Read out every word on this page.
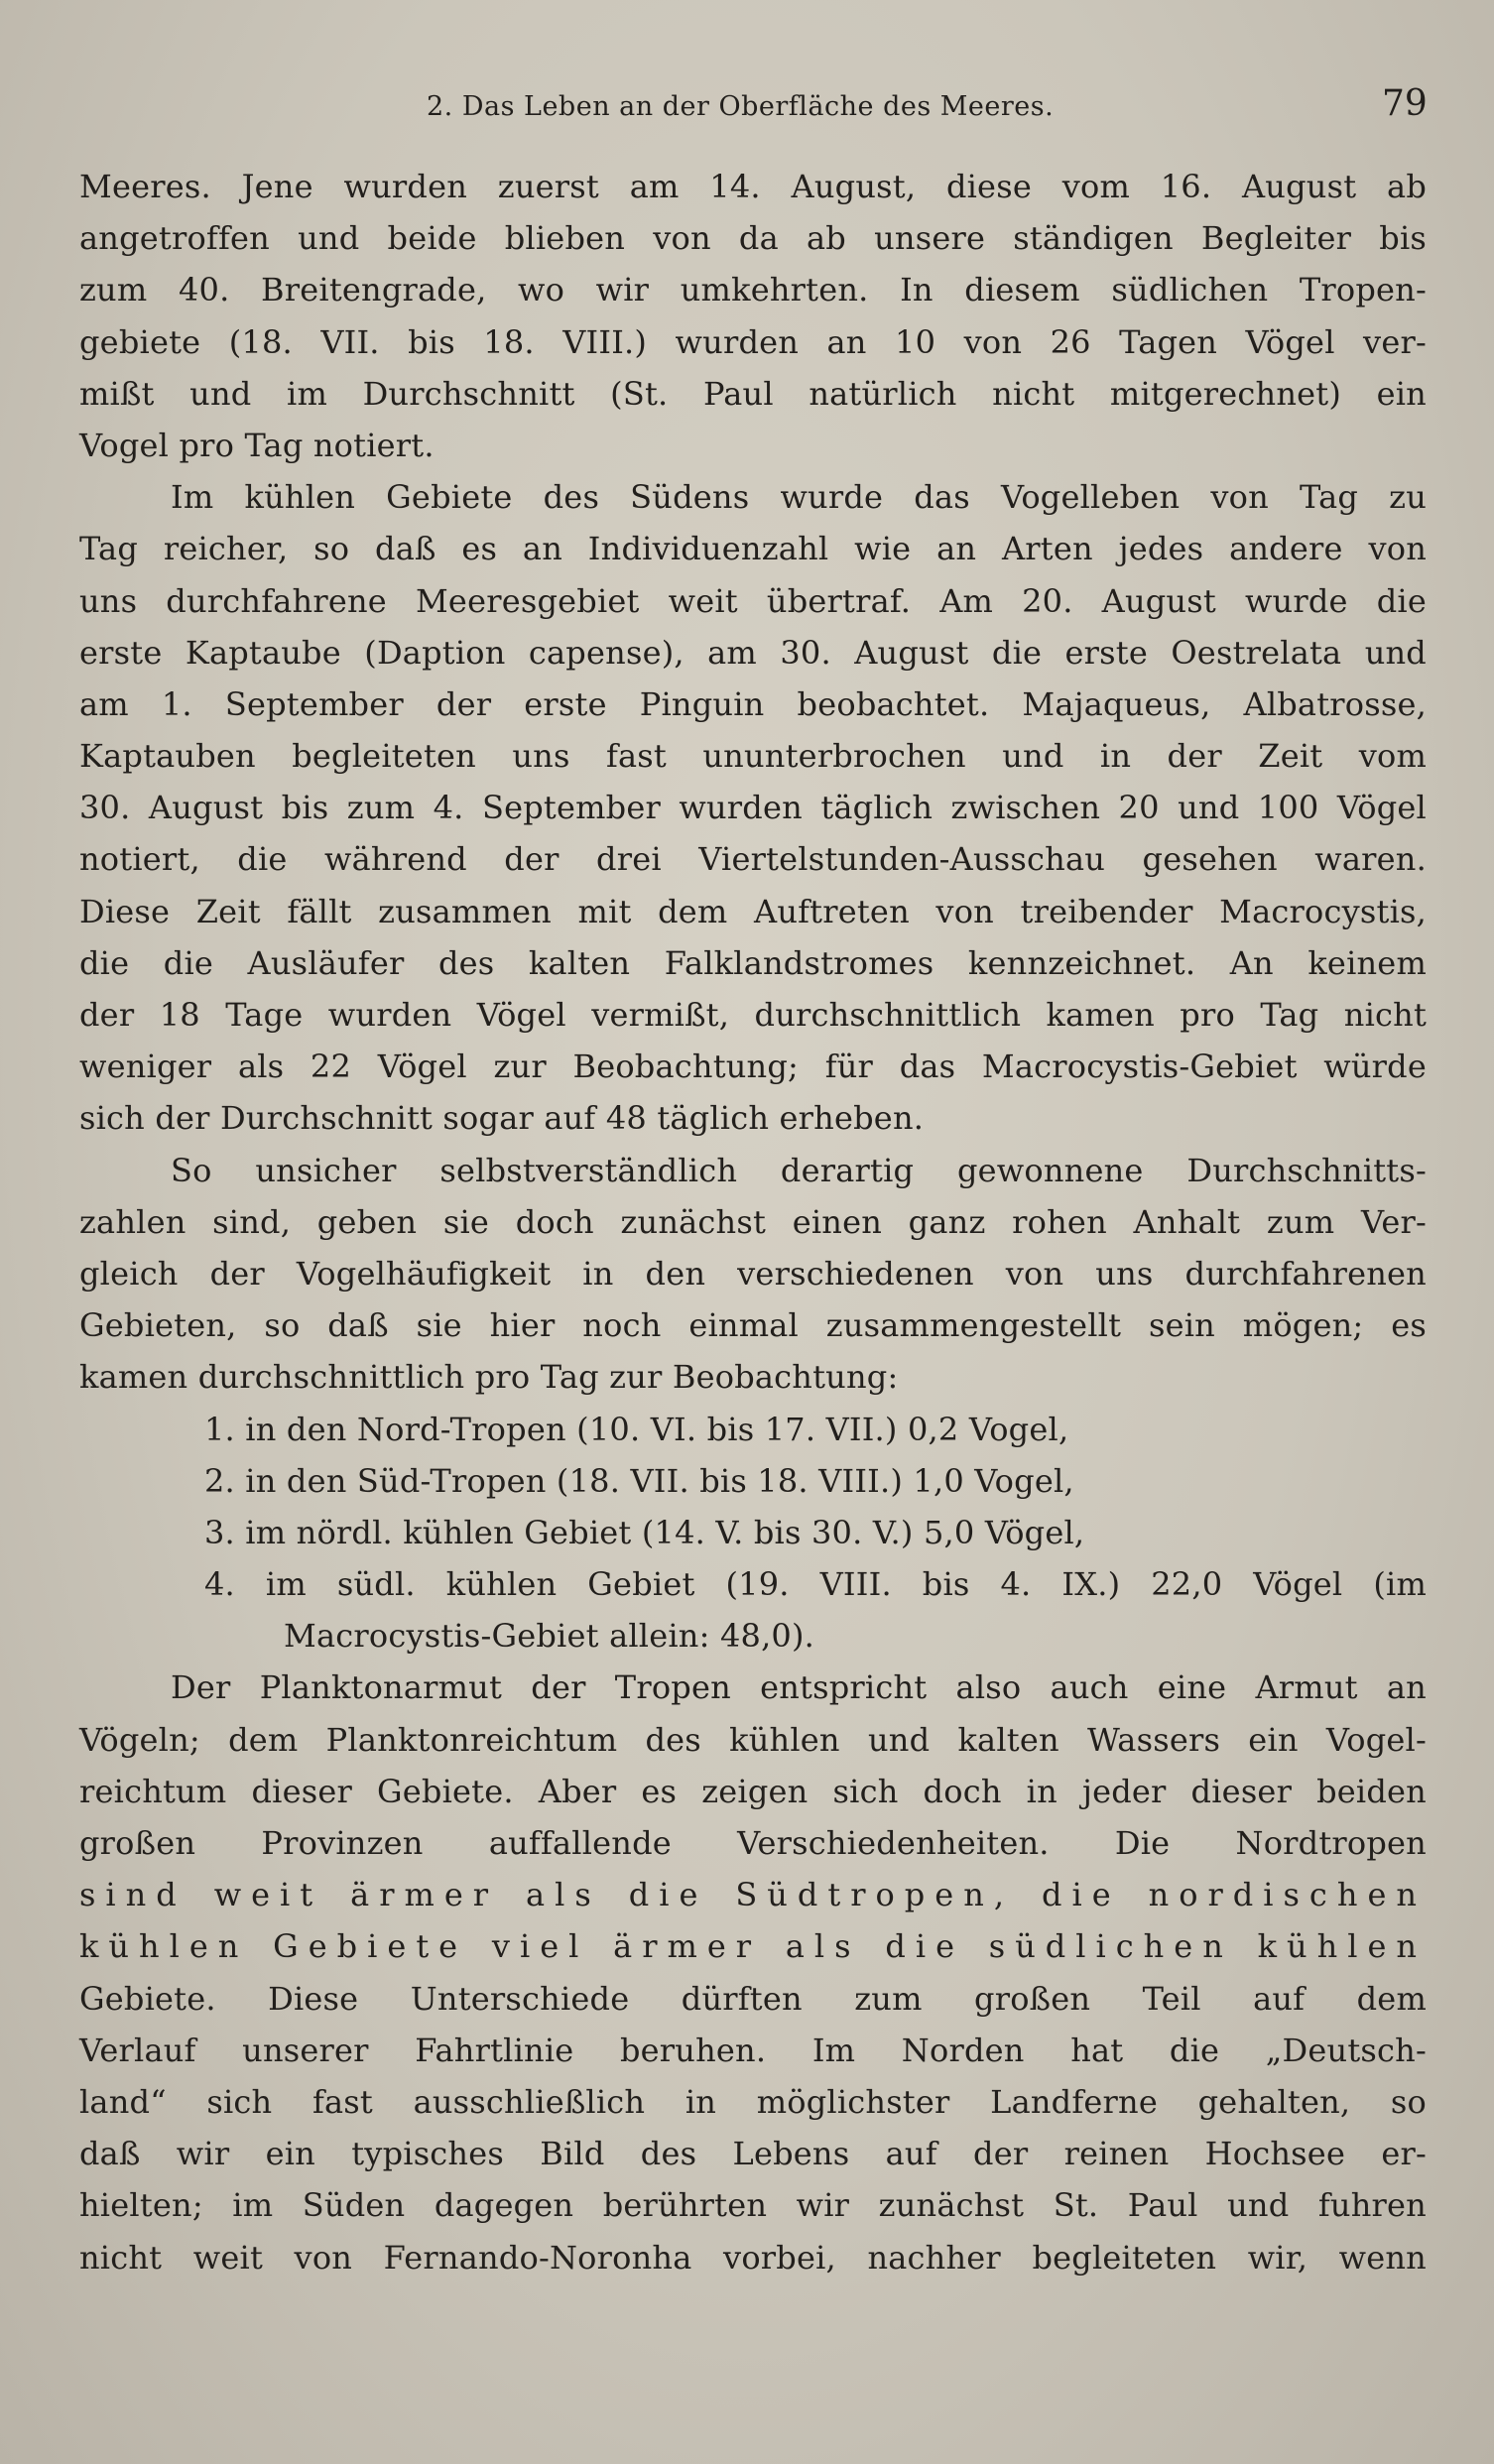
2. Das Leben an der Oberfläche des Meeres.	79
Meeres. Jene wurden zuerst am 14. August, diese vom 16. August ab
angetroffen und beide blieben von da ab unsere ständigen Begleiter bis
zum 40. Breitengrade, wo wir umkehrten. In diesem südlichen Tropen-
gebiete (18. VII. bis 18. VIII.) wurden an 10 von 26 Tagen Vögel ver-
mißt und im Durchschnitt (St. Paul natürlich nicht mitgerechnet) ein
Vogel pro Tag notiert.
Im kühlen Gebiete des Südens wurde das Vogelleben von Tag zu
Tag reicher, so daß es an Individuenzahl wie an Arten jedes andere von
uns durchfahrene Meeresgebiet weit übertraf. Am 20. August wurde die
erste Kaptaube (Daption capense), am 30. August die erste Oestrelata und
am 1. September der erste Pinguin beobachtet. Majaqueus, Albatrosse,
Kaptauben begleiteten uns fast ununterbrochen und in der Zeit vom
30. August bis zum 4. September wurden täglich zwischen 20 und 100 Vögel
notiert, die während der drei Viertelstunden-Ausschau gesehen waren.
Diese Zeit fällt zusammen mit dem Auftreten von treibender Macrocystis,
die die Ausläufer des kalten Falklandstromes kennzeichnet. An keinem
der 18 Tage wurden Vögel vermißt, durchschnittlich kamen pro Tag nicht
weniger als 22 Vögel zur Beobachtung; für das Macrocystis-Gebiet würde
sich der Durchschnitt sogar auf 48 täglich erheben.
So unsicher selbstverständlich derartig gewonnene Durchschnitts-
zahlen sind, geben sie doch zunächst einen ganz rohen Anhalt zum Ver-
gleich der Vogelhäufigkeit in den verschiedenen von uns durchfahrenen
Gebieten, so daß sie hier noch einmal zusammengestellt sein mögen; es
kamen durchschnittlich pro Tag zur Beobachtung:
1. in den Nord-Tropen (10. VI. bis 17. VII.) 0,2 Vogel,
2. in den Süd-Tropen (18. VII. bis 18. VIII.) 1,0 Vogel,
3. im nördl. kühlen Gebiet (14. V. bis 30. V.) 5,0 Vögel,
4. im südl. kühlen Gebiet (19. VIII. bis 4. IX.) 22,0 Vögel (im
Macrocystis-Gebiet allein: 48,0).
Der Planktonarmut der Tropen entspricht also auch eine Armut an
Vögeln; dem Planktonreichtum des kühlen und kalten Wassers ein Vogel-
reichtum dieser Gebiete. Aber es zeigen sich doch in jeder dieser beiden
großen Provinzen auffallende Verschiedenheiten. Die Nordtropen
sind weit ärmer als die Südtropen, die nordischen
kühlen Gebiete viel ärmer als die südlichen kühlen
Gebiete. Diese Unterschiede dürften zum großen Teil auf dem
Verlauf unserer Fahrtlinie beruhen. Im Norden hat die „Deutsch-
land“ sich fast ausschließlich in möglichster Landferne gehalten, so
daß wir ein typisches Bild des Lebens auf der reinen Hochsee er-
hielten; im Süden dagegen berührten wir zunächst St. Paul und fuhren
nicht weit von Fernando-Noronha vorbei, nachher begleiteten wir, wenn
